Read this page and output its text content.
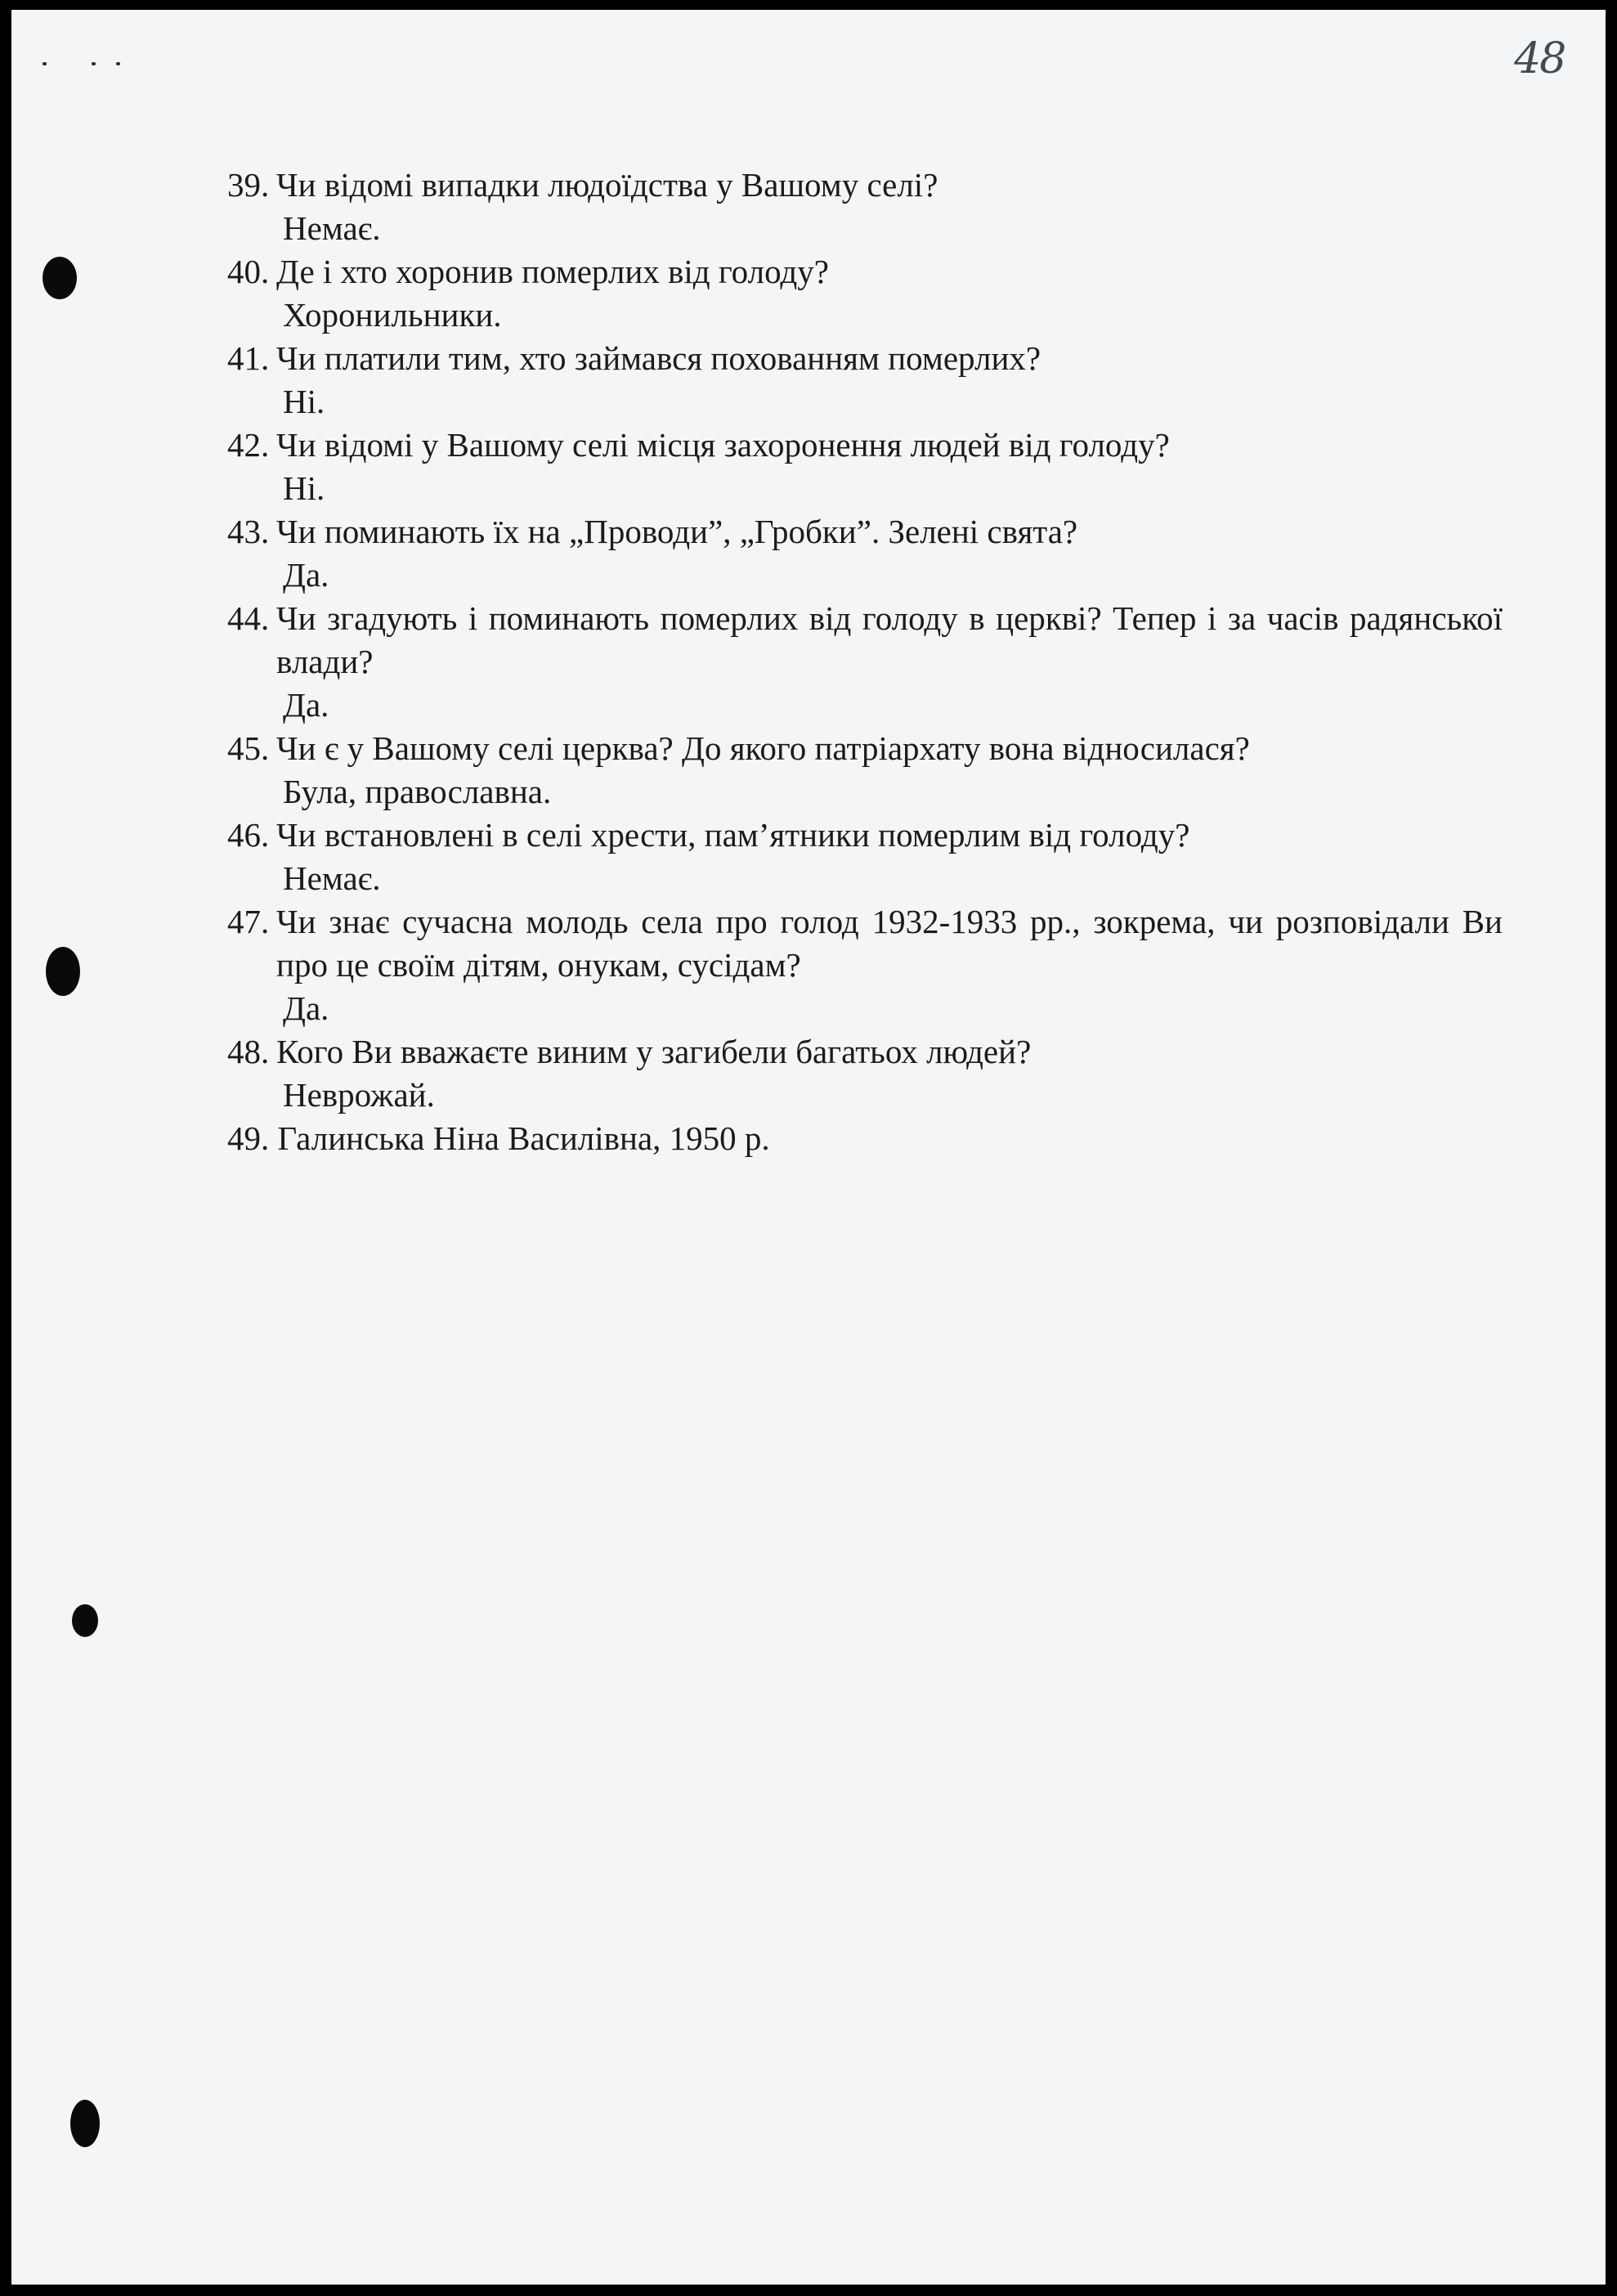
48
39. Чи відомі випадки людоїдства у Вашому селі?
Немає.
40. Де і хто хоронив померлих від голоду?
Хоронильники.
41. Чи платили тим, хто займався похованням померлих?
Ні.
42. Чи відомі у Вашому селі місця захоронення людей від голоду?
Ні.
43. Чи поминають їх на „Проводи”, „Гробки”. Зелені свята?
Да.
44. Чи згадують і поминають померлих від голоду в церкві? Тепер і за часів радянської влади?
Да.
45. Чи є у Вашому селі церква? До якого патріархату вона відносилася?
Була, православна.
46. Чи встановлені в селі хрести, пам’ятники померлим від голоду?
Немає.
47. Чи знає сучасна молодь села про голод 1932-1933 рр., зокрема, чи розповідали Ви про це своїм дітям, онукам, сусідам?
Да.
48. Кого Ви вважаєте виним у загибели багатьох людей?
Неврожай.
49. Галинська Ніна Василівна, 1950 р.
